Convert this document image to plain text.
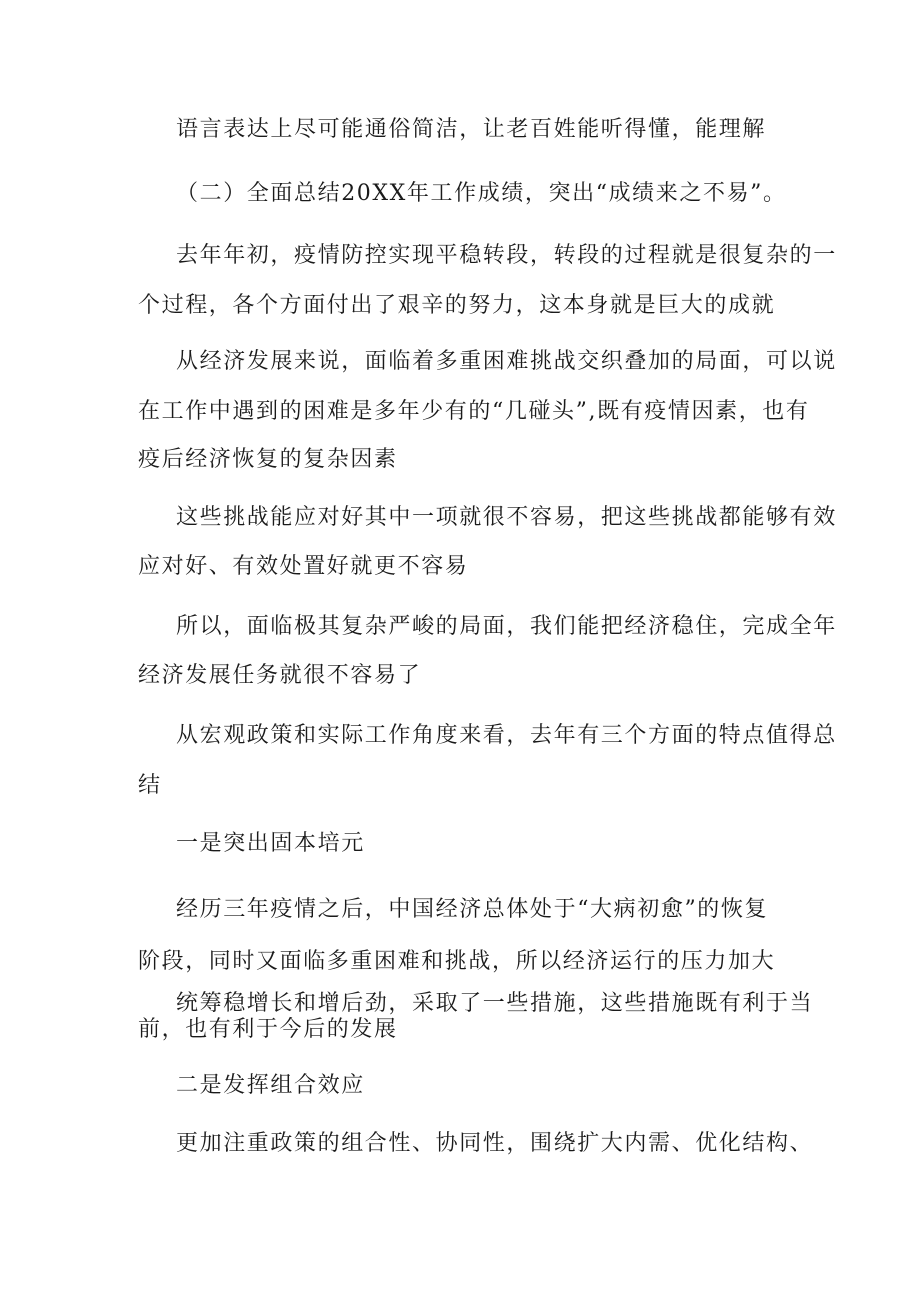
语言表达上尽可能通俗简洁，让老百姓能听得懂，能理解
（二）全面总结20XX年工作成绩，突出“成绩来之不易”。
去年年初，疫情防控实现平稳转段，转段的过程就是很复杂的一
个过程，各个方面付出了艰辛的努力，这本身就是巨大的成就
从经济发展来说，面临着多重困难挑战交织叠加的局面，可以说
在工作中遇到的困难是多年少有的“几碰头”,既有疫情因素，也有
疫后经济恢复的复杂因素
这些挑战能应对好其中一项就很不容易，把这些挑战都能够有效
应对好、有效处置好就更不容易
所以，面临极其复杂严峻的局面，我们能把经济稳住，完成全年
经济发展任务就很不容易了
从宏观政策和实际工作角度来看，去年有三个方面的特点值得总
结
一是突出固本培元
经历三年疫情之后，中国经济总体处于“大病初愈”的恢复
阶段，同时又面临多重困难和挑战，所以经济运行的压力加大
统筹稳增长和增后劲，采取了一些措施，这些措施既有利于当
前，也有利于今后的发展
二是发挥组合效应
更加注重政策的组合性、协同性，围绕扩大内需、优化结构、
